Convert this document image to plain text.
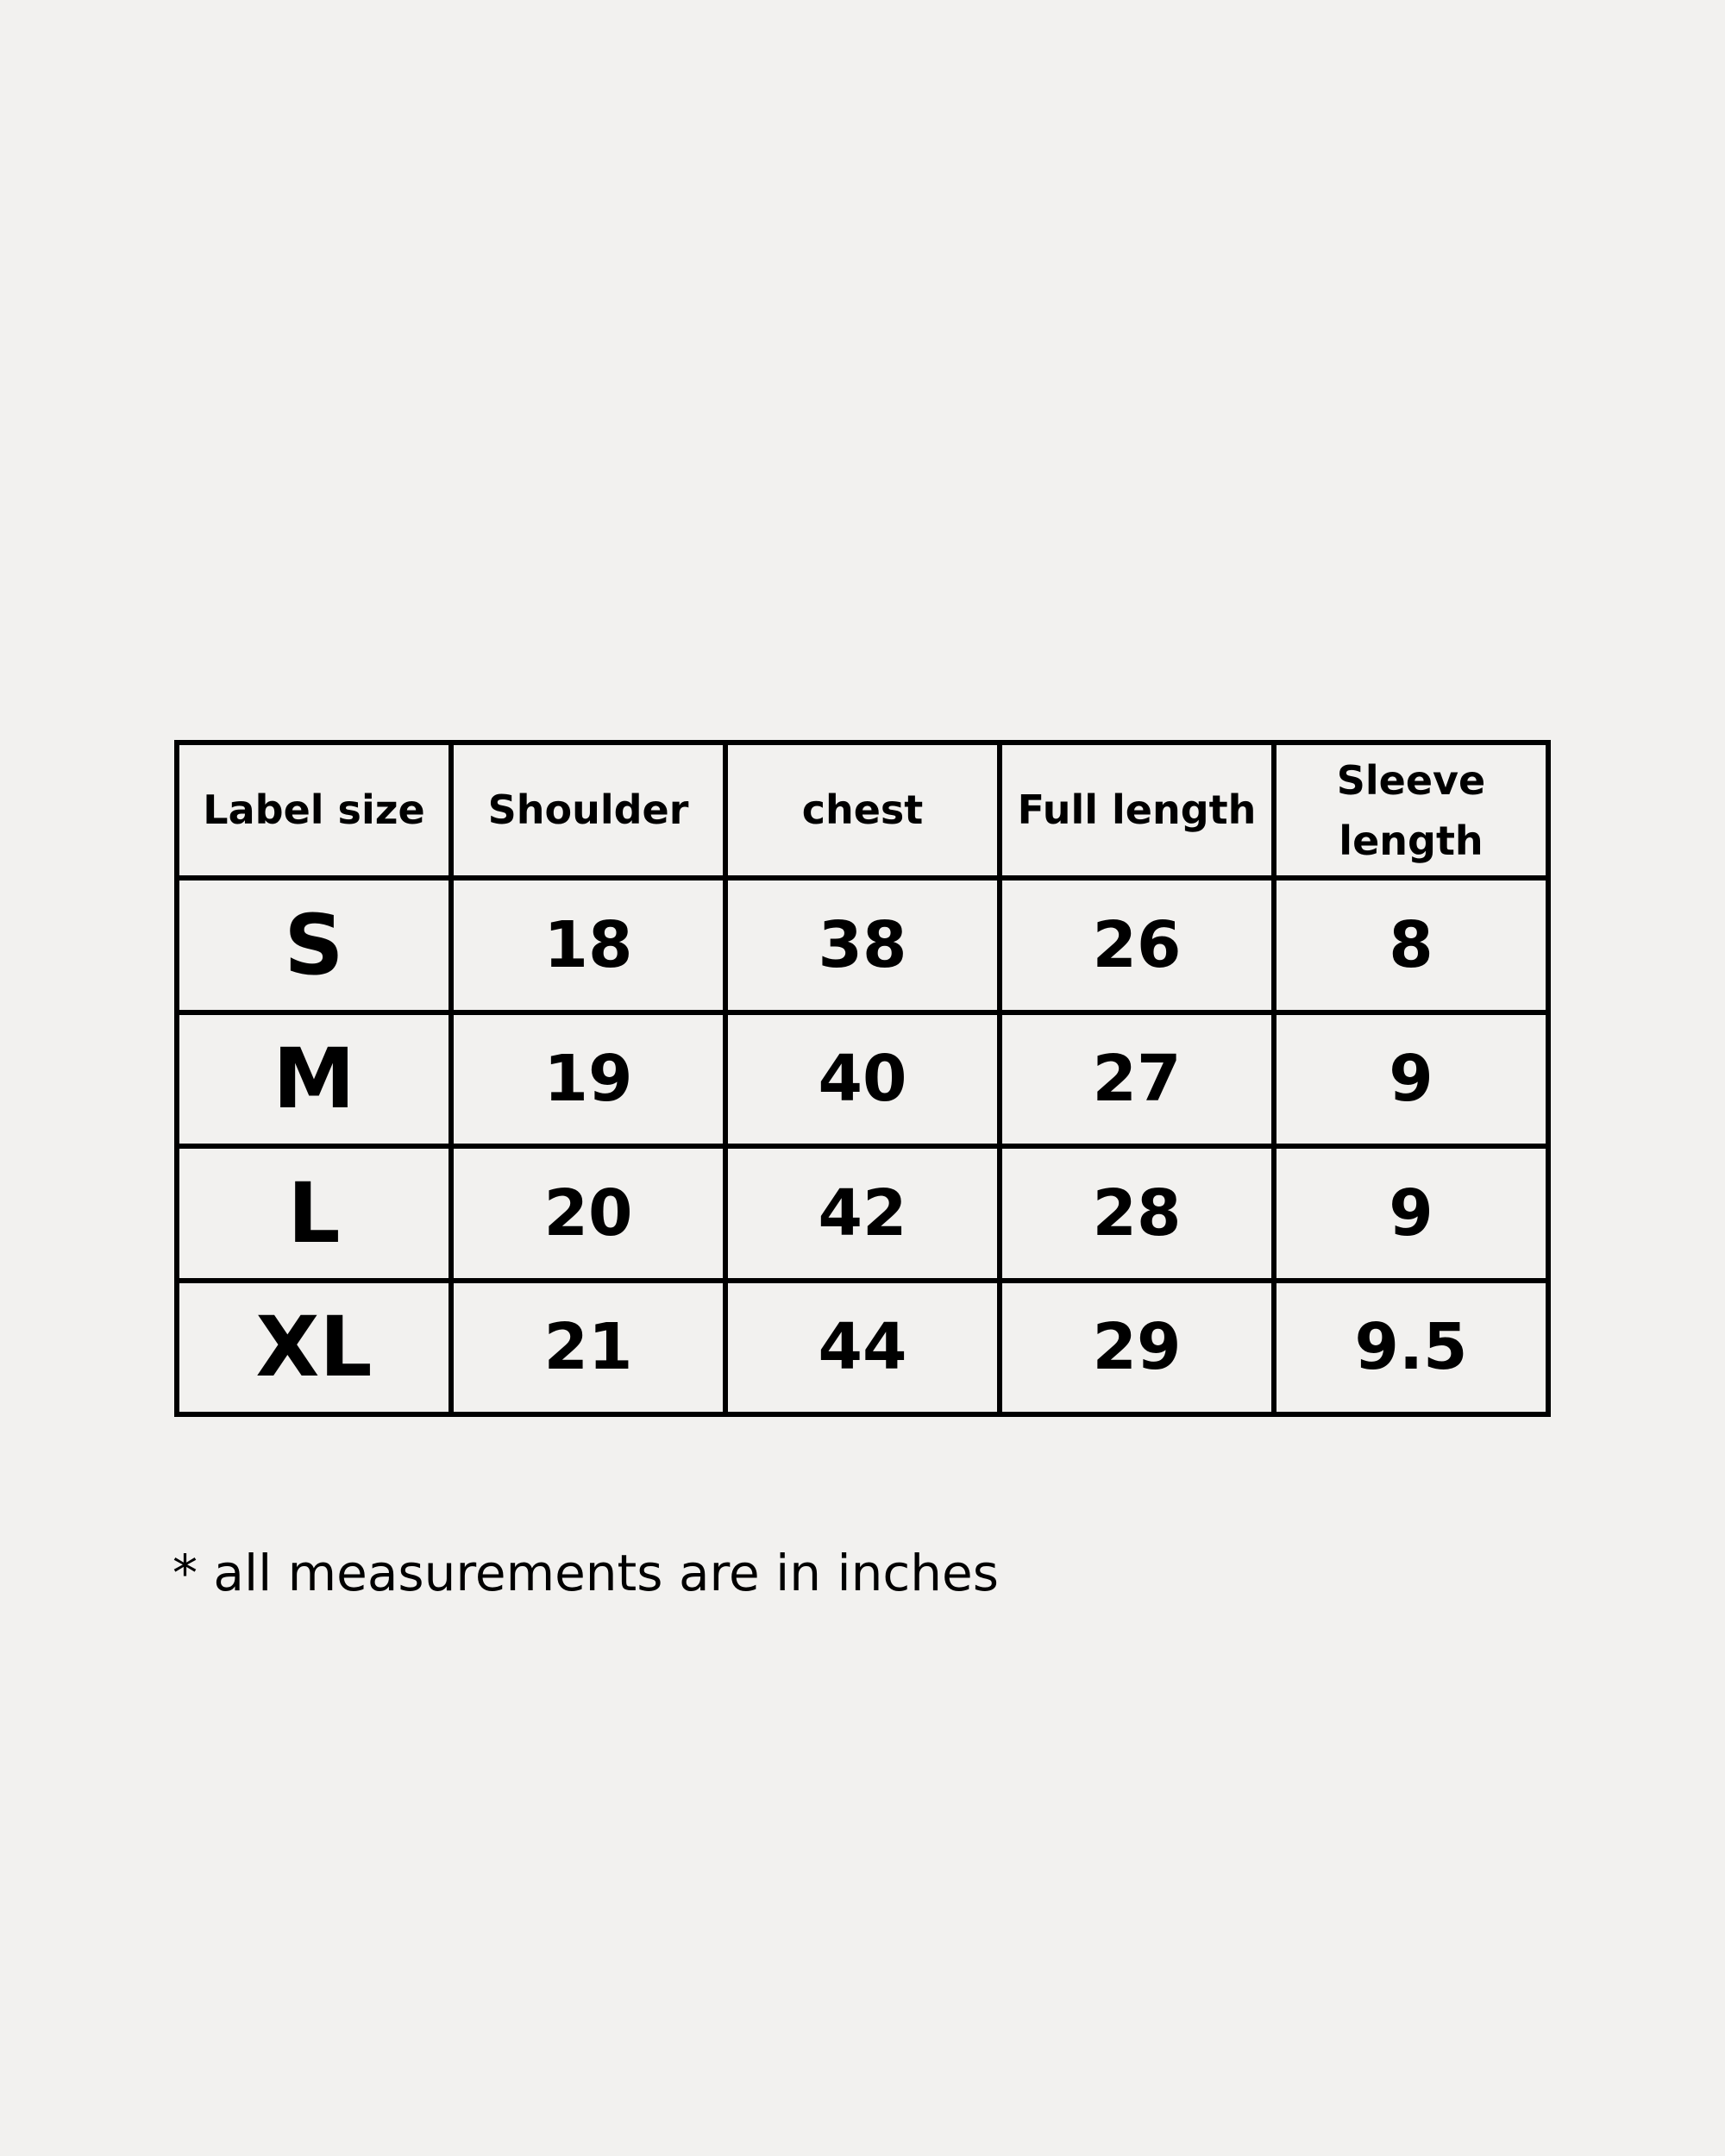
Label size	Shoulder	chest	Full length	Sleeve length
S	18	38	26	8
M	19	40	27	9
L	20	42	28	9
XL	21	44	29	9.5
* all measurements are in inches
